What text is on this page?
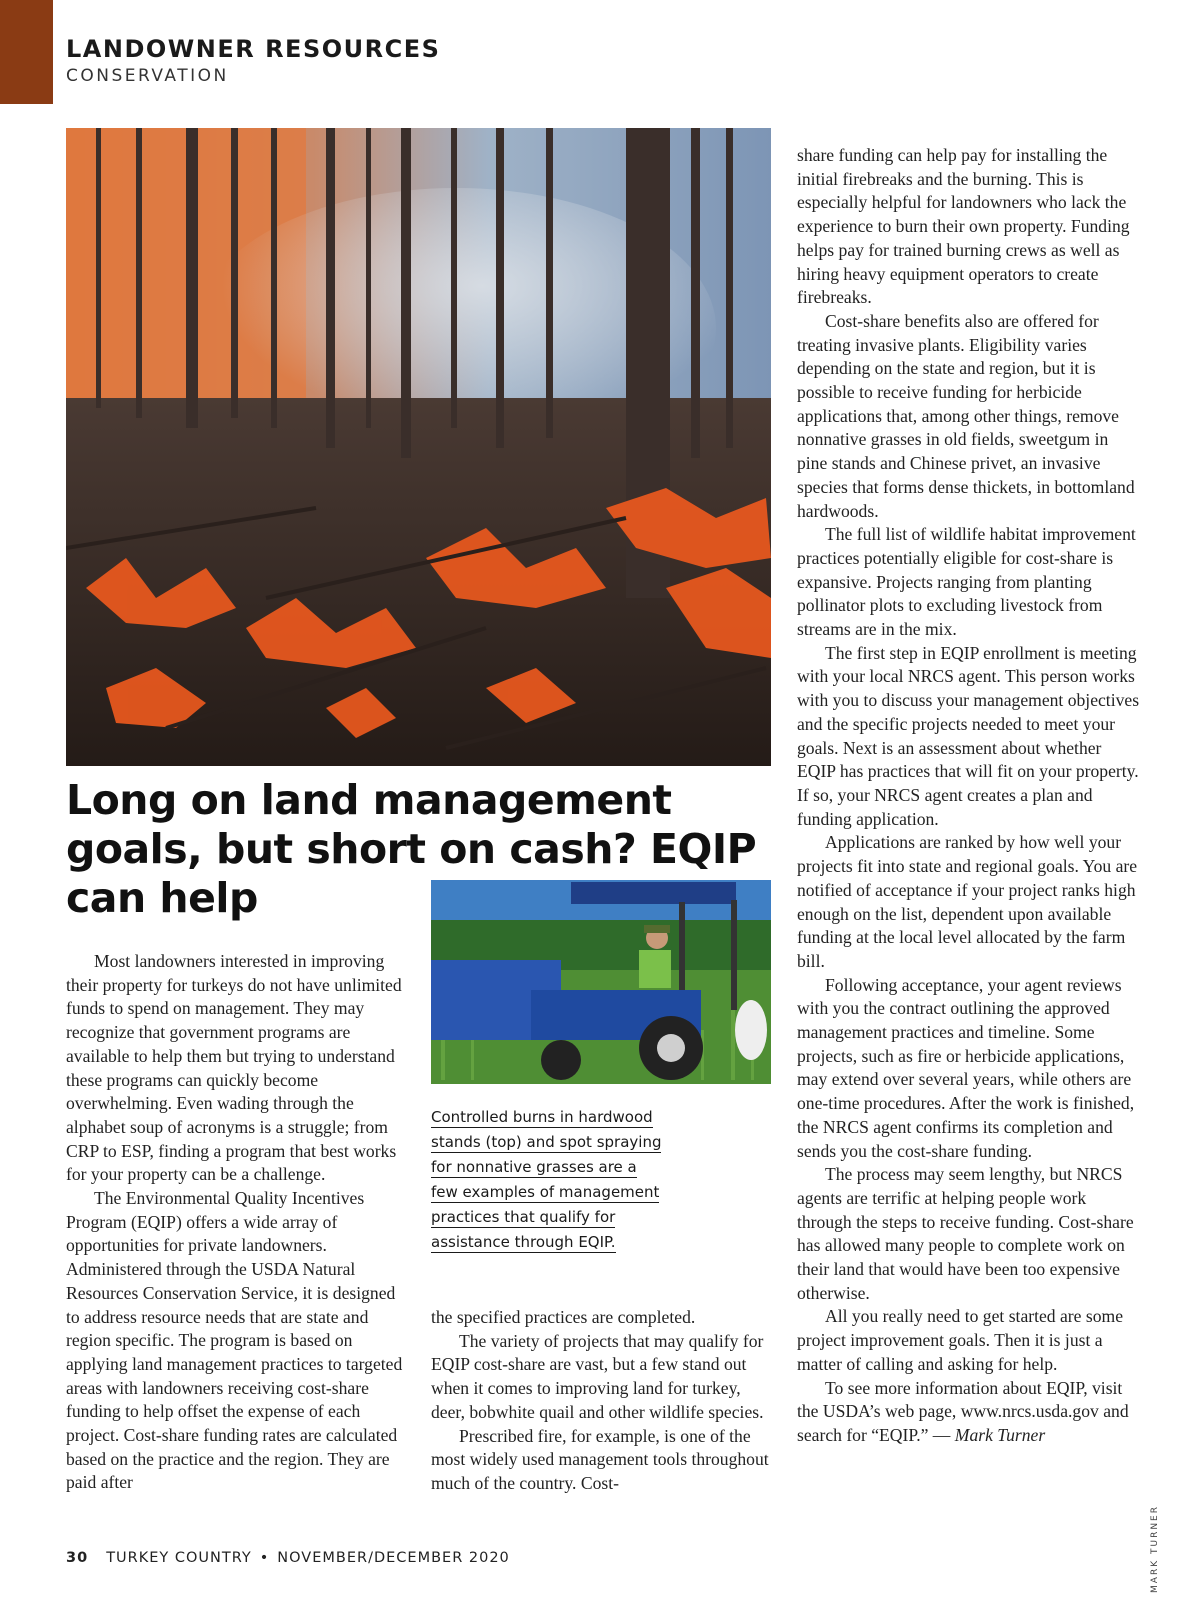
LANDOWNER RESOURCES
CONSERVATION
Long on land management goals, but short on cash? EQIP can help
Controlled burns in hardwood
stands (top) and spot spraying
for nonnative grasses are a
few examples of management
practices that qualify for
assistance through EQIP.

Most landowners interested in improving their property for turkeys do not have unlimited funds to spend on management. They may recognize that government programs are available to help them but trying to understand these programs can quickly become overwhelming. Even wading through the alphabet soup of acronyms is a struggle; from CRP to ESP, finding a program that best works for your property can be a challenge.

The Environmental Quality Incentives Program (EQIP) offers a wide array of opportunities for private landowners. Administered through the USDA Natural Resources Conservation Service, it is designed to address resource needs that are state and region specific. The program is based on applying land management practices to targeted areas with landowners receiving cost-share funding to help offset the expense of each project. Cost-share funding rates are calculated based on the practice and the region. They are paid after

the specified practices are completed.

The variety of projects that may qualify for EQIP cost-share are vast, but a few stand out when it comes to improving land for turkey, deer, bobwhite quail and other wildlife species.

Prescribed fire, for example, is one of the most widely used management tools throughout much of the country. Cost-

share funding can help pay for installing the initial firebreaks and the burning. This is especially helpful for landowners who lack the experience to burn their own property. Funding helps pay for trained burning crews as well as hiring heavy equipment operators to create firebreaks.

Cost-share benefits also are offered for treating invasive plants. Eligibility varies depending on the state and region, but it is possible to receive funding for herbicide applications that, among other things, remove nonnative grasses in old fields, sweetgum in pine stands and Chinese privet, an invasive species that forms dense thickets, in bottomland hardwoods.

The full list of wildlife habitat improvement practices potentially eligible for cost-share is expansive. Projects ranging from planting pollinator plots to excluding livestock from streams are in the mix.

The first step in EQIP enrollment is meeting with your local NRCS agent. This person works with you to discuss your management objectives and the specific projects needed to meet your goals. Next is an assessment about whether EQIP has practices that will fit on your property. If so, your NRCS agent creates a plan and funding application.

Applications are ranked by how well your projects fit into state and regional goals. You are notified of acceptance if your project ranks high enough on the list, dependent upon available funding at the local level allocated by the farm bill.

Following acceptance, your agent reviews with you the contract outlining the approved management practices and timeline. Some projects, such as fire or herbicide applications, may extend over several years, while others are one-time procedures. After the work is finished, the NRCS agent confirms its completion and sends you the cost-share funding.

The process may seem lengthy, but NRCS agents are terrific at helping people work through the steps to receive funding. Cost-share has allowed many people to complete work on their land that would have been too expensive otherwise.

All you really need to get started are some project improvement goals. Then it is just a matter of calling and asking for help.

To see more information about EQIP, visit the USDA’s web page, www.nrcs.usda.gov and search for “EQIP.” — Mark Turner

MARK TURNER
30 TURKEY COUNTRY • NOVEMBER/DECEMBER 2020
